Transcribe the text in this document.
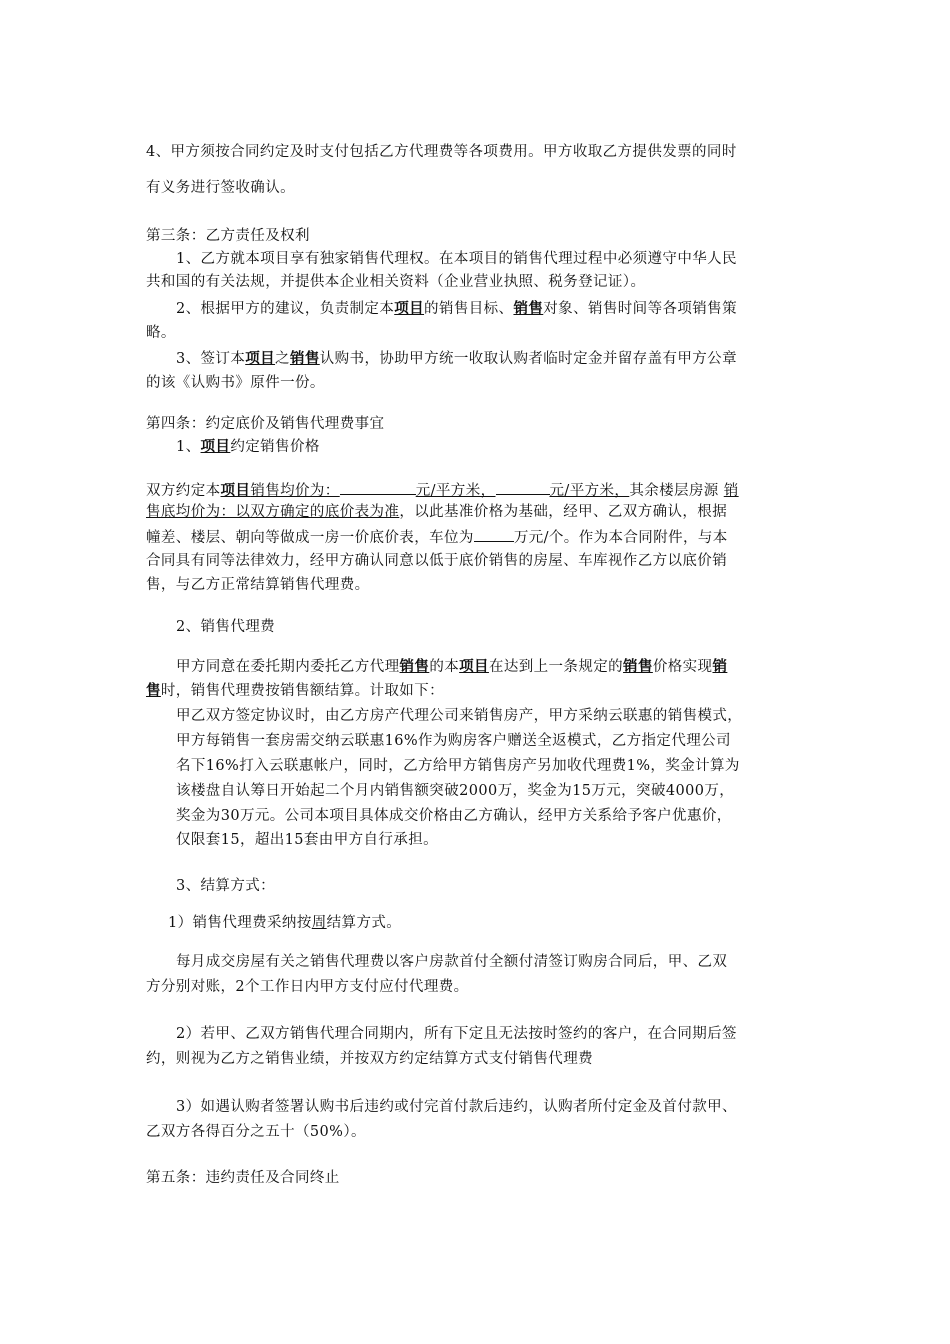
4、甲方须按合同约定及时支付包括乙方代理费等各项费用。甲方收取乙方提供发票的同时
有义务进行签收确认。
第三条：乙方责任及权利
1、乙方就本项目享有独家销售代理权。在本项目的销售代理过程中必须遵守中华人民
共和国的有关法规，并提供本企业相关资料（企业营业执照、税务登记证）。
2、根据甲方的建议，负责制定本项目的销售目标、销售对象、销售时间等各项销售策
略。
3、签订本项目之销售认购书，协助甲方统一收取认购者临时定金并留存盖有甲方公章
的该《认购书》原件一份。
第四条：约定底价及销售代理费事宜
1、项目约定销售价格
双方约定本项目销售均价为：	元/平方米，	元/平方米，其余楼层房源 销
售底均价为：以双方确定的底价表为准，以此基准价格为基础，经甲、乙双方确认，根据
幢差、楼层、朝向等做成一房一价底价表，车位为	万元/个。作为本合同附件，与本
合同具有同等法律效力，经甲方确认同意以低于底价销售的房屋、车库视作乙方以底价销
售，与乙方正常结算销售代理费。
2、销售代理费
甲方同意在委托期内委托乙方代理销售的本项目在达到上一条规定的销售价格实现销
售时，销售代理费按销售额结算。计取如下：
甲乙双方签定协议时，由乙方房产代理公司来销售房产，甲方采纳云联惠的销售模式，
甲方每销售一套房需交纳云联惠16%作为购房客户赠送全返模式，乙方指定代理公司
名下16%打入云联惠帐户，同时，乙方给甲方销售房产另加收代理费1%，奖金计算为
该楼盘自认筹日开始起二个月内销售额突破2000万，奖金为15万元，突破4000万，
奖金为30万元。公司本项目具体成交价格由乙方确认，经甲方关系给予客户优惠价，
仅限套15，超出15套由甲方自行承担。
3、结算方式：
1）销售代理费采纳按周结算方式。
每月成交房屋有关之销售代理费以客户房款首付全额付清签订购房合同后，甲、乙双
方分别对账，2个工作日内甲方支付应付代理费。
2）若甲、乙双方销售代理合同期内，所有下定且无法按时签约的客户，在合同期后签
约，则视为乙方之销售业绩，并按双方约定结算方式支付销售代理费
3）如遇认购者签署认购书后违约或付完首付款后违约，认购者所付定金及首付款甲、
乙双方各得百分之五十（50%）。
第五条：违约责任及合同终止
